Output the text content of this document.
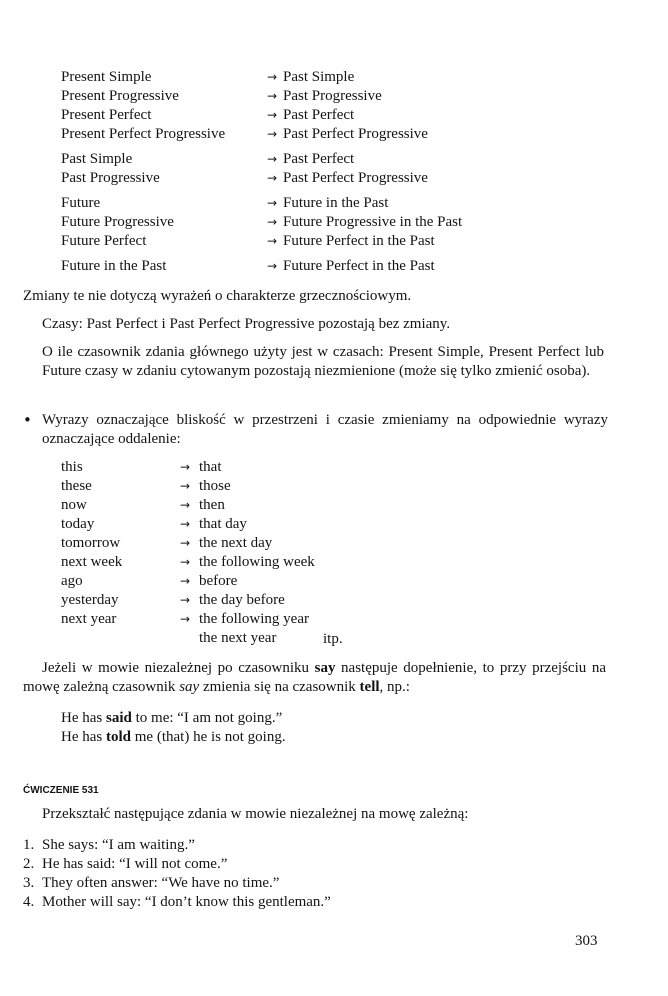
Present Simple	→ Past Simple
Present Progressive	→ Past Progressive
Present Perfect	→ Past Perfect
Present Perfect Progressive	→ Past Perfect Progressive
Past Simple	→ Past Perfect
Past Progressive	→ Past Perfect Progressive
Future	→ Future in the Past
Future Progressive	→ Future Progressive in the Past
Future Perfect	→ Future Perfect in the Past
Future in the Past	→ Future Perfect in the Past
Zmiany te nie dotyczą wyrażeń o charakterze grzecznościowym.
Czasy: Past Perfect i Past Perfect Progressive pozostają bez zmiany.
O ile czasownik zdania głównego użyty jest w czasach: Present Simple, Present Perfect lub Future czasy w zdaniu cytowanym pozostają niezmienione (może się tylko zmienić osoba).
• Wyrazy oznaczające bliskość w przestrzeni i czasie zmieniamy na odpowiednie wyrazy oznaczające oddalenie:
this	→ that
these	→ those
now	→ then
today	→ that day
tomorrow	→ the next day
next week	→ the following week
ago	→ before
yesterday	→ the day before
next year	→ the following year
the next year	itp.
Jeżeli w mowie niezależnej po czasowniku say następuje dopełnienie, to przy przejściu na mowę zależną czasownik say zmienia się na czasownik tell, np.:
He has said to me: “I am not going.”
He has told me (that) he is not going.
ĆWICZENIE 531
Przekształć następujące zdania w mowie niezależnej na mowę zależną:
1. She says: “I am waiting.”
2. He has said: “I will not come.”
3. They often answer: “We have no time.”
4. Mother will say: “I don’t know this gentleman.”
303
